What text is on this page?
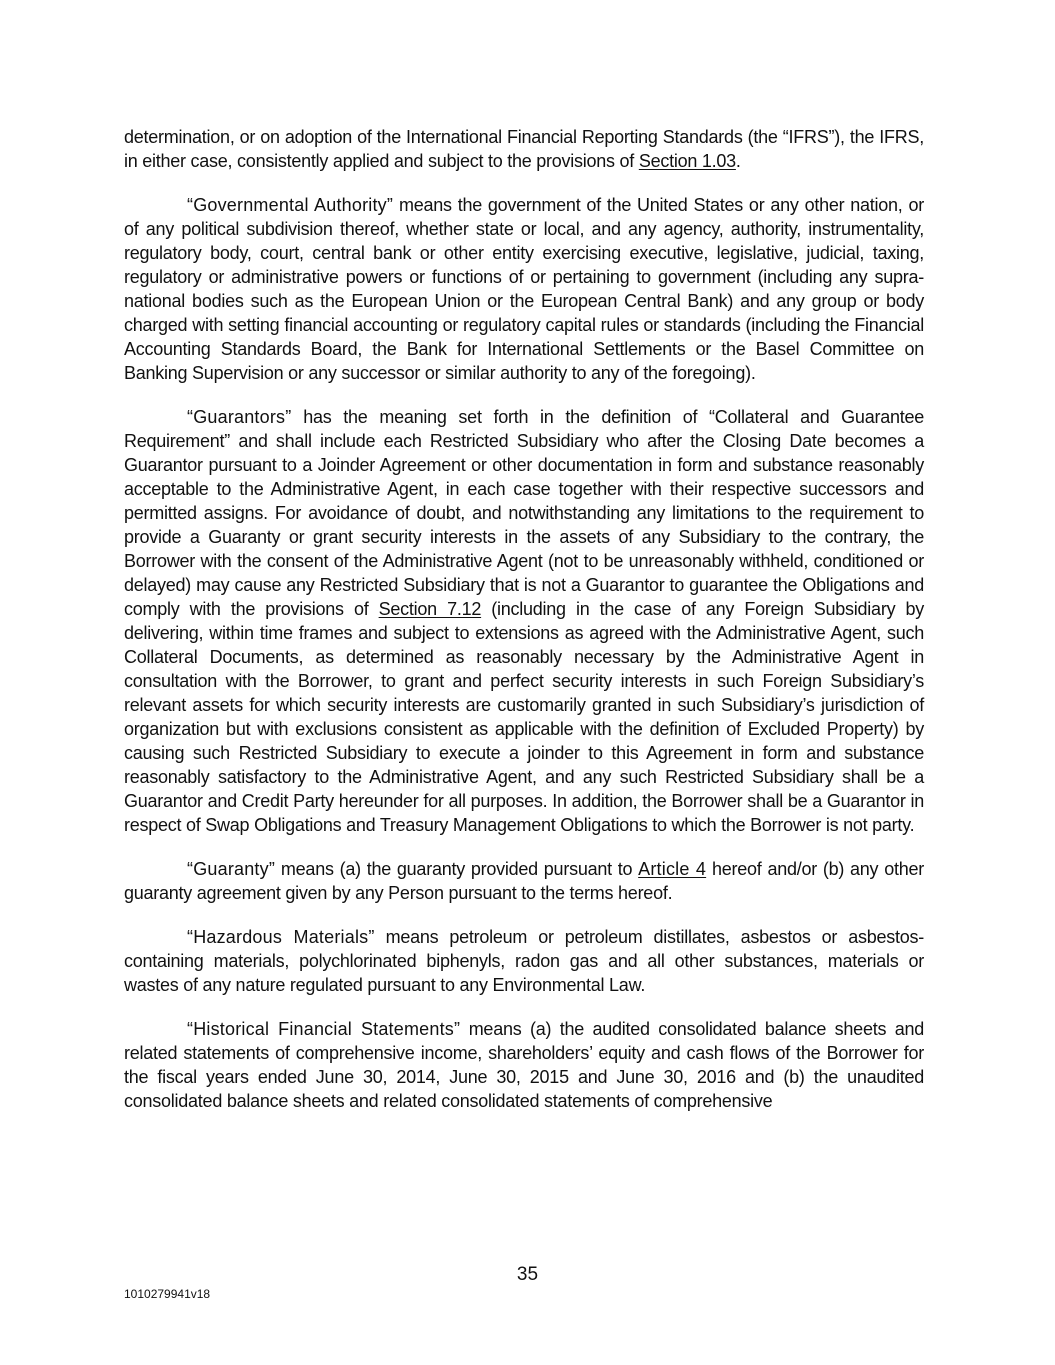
determination, or on adoption of the International Financial Reporting Standards (the “IFRS”), the IFRS, in either case, consistently applied and subject to the provisions of Section 1.03.

“Governmental Authority” means the government of the United States or any other nation, or of any political subdivision thereof, whether state or local, and any agency, authority, instrumentality, regulatory body, court, central bank or other entity exercising executive, legislative, judicial, taxing, regulatory or administrative powers or functions of or pertaining to government (including any supra-national bodies such as the European Union or the European Central Bank) and any group or body charged with setting financial accounting or regulatory capital rules or standards (including the Financial Accounting Standards Board, the Bank for International Settlements or the Basel Committee on Banking Supervision or any successor or similar authority to any of the foregoing).

“Guarantors” has the meaning set forth in the definition of “Collateral and Guarantee Requirement” and shall include each Restricted Subsidiary who after the Closing Date becomes a Guarantor pursuant to a Joinder Agreement or other documentation in form and substance reasonably acceptable to the Administrative Agent, in each case together with their respective successors and permitted assigns. For avoidance of doubt, and notwithstanding any limitations to the requirement to provide a Guaranty or grant security interests in the assets of any Subsidiary to the contrary, the Borrower with the consent of the Administrative Agent (not to be unreasonably withheld, conditioned or delayed) may cause any Restricted Subsidiary that is not a Guarantor to guarantee the Obligations and comply with the provisions of Section 7.12 (including in the case of any Foreign Subsidiary by delivering, within time frames and subject to extensions as agreed with the Administrative Agent, such Collateral Documents, as determined as reasonably necessary by the Administrative Agent in consultation with the Borrower, to grant and perfect security interests in such Foreign Subsidiary’s relevant assets for which security interests are customarily granted in such Subsidiary’s jurisdiction of organization but with exclusions consistent as applicable with the definition of Excluded Property) by causing such Restricted Subsidiary to execute a joinder to this Agreement in form and substance reasonably satisfactory to the Administrative Agent, and any such Restricted Subsidiary shall be a Guarantor and Credit Party hereunder for all purposes. In addition, the Borrower shall be a Guarantor in respect of Swap Obligations and Treasury Management Obligations to which the Borrower is not party.

“Guaranty” means (a) the guaranty provided pursuant to Article 4 hereof and/or (b) any other guaranty agreement given by any Person pursuant to the terms hereof.

“Hazardous Materials” means petroleum or petroleum distillates, asbestos or asbestos-containing materials, polychlorinated biphenyls, radon gas and all other substances, materials or wastes of any nature regulated pursuant to any Environmental Law.

“Historical Financial Statements” means (a) the audited consolidated balance sheets and related statements of comprehensive income, shareholders’ equity and cash flows of the Borrower for the fiscal years ended June 30, 2014, June 30, 2015 and June 30, 2016 and (b) the unaudited consolidated balance sheets and related consolidated statements of comprehensive

35
1010279941v18
